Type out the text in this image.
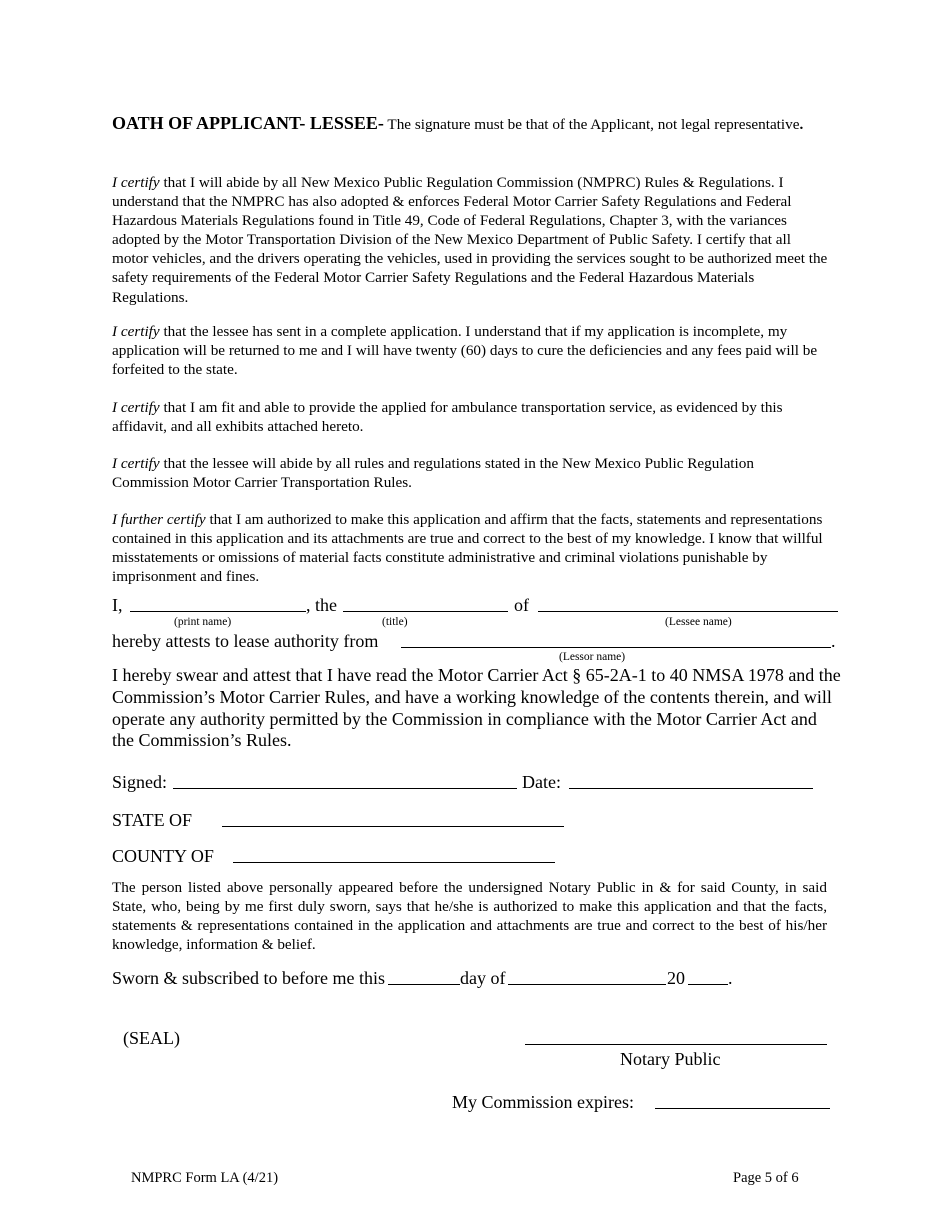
OATH OF APPLICANT- LESSEE- The signature must be that of the Applicant, not legal representative.

I certify that I will abide by all New Mexico Public Regulation Commission (NMPRC) Rules & Regulations. I understand that the NMPRC has also adopted & enforces Federal Motor Carrier Safety Regulations and Federal Hazardous Materials Regulations found in Title 49, Code of Federal Regulations, Chapter 3, with the variances adopted by the Motor Transportation Division of the New Mexico Department of Public Safety. I certify that all motor vehicles, and the drivers operating the vehicles, used in providing the services sought to be authorized meet the safety requirements of the Federal Motor Carrier Safety Regulations and the Federal Hazardous Materials Regulations.

I certify that the lessee has sent in a complete application. I understand that if my application is incomplete, my application will be returned to me and I will have twenty (60) days to cure the deficiencies and any fees paid will be forfeited to the state.

I certify that I am fit and able to provide the applied for ambulance transportation service, as evidenced by this affidavit, and all exhibits attached hereto.

I certify that the lessee will abide by all rules and regulations stated in the New Mexico Public Regulation Commission Motor Carrier Transportation Rules.

I further certify that I am authorized to make this application and affirm that the facts, statements and representations contained in this application and its attachments are true and correct to the best of my knowledge. I know that willful misstatements or omissions of material facts constitute administrative and criminal violations punishable by imprisonment and fines.

I,	, the	of
(print name)	(title)	(Lessee name)
hereby attests to lease authority from	.
(Lessor name)

I hereby swear and attest that I have read the Motor Carrier Act § 65-2A-1 to 40 NMSA 1978 and the Commission’s Motor Carrier Rules, and have a working knowledge of the contents therein, and will operate any authority permitted by the Commission in compliance with the Motor Carrier Act and the Commission’s Rules.

Signed:	Date:
STATE OF
COUNTY OF

The person listed above personally appeared before the undersigned Notary Public in & for said County, in said State, who, being by me first duly sworn, says that he/she is authorized to make this application and that the facts, statements & representations contained in the application and attachments are true and correct to the best of his/her knowledge, information & belief.

Sworn & subscribed to before me this	day of	20 .
(SEAL)
Notary Public
My Commission expires:
NMPRC Form LA (4/21)	Page 5 of 6
